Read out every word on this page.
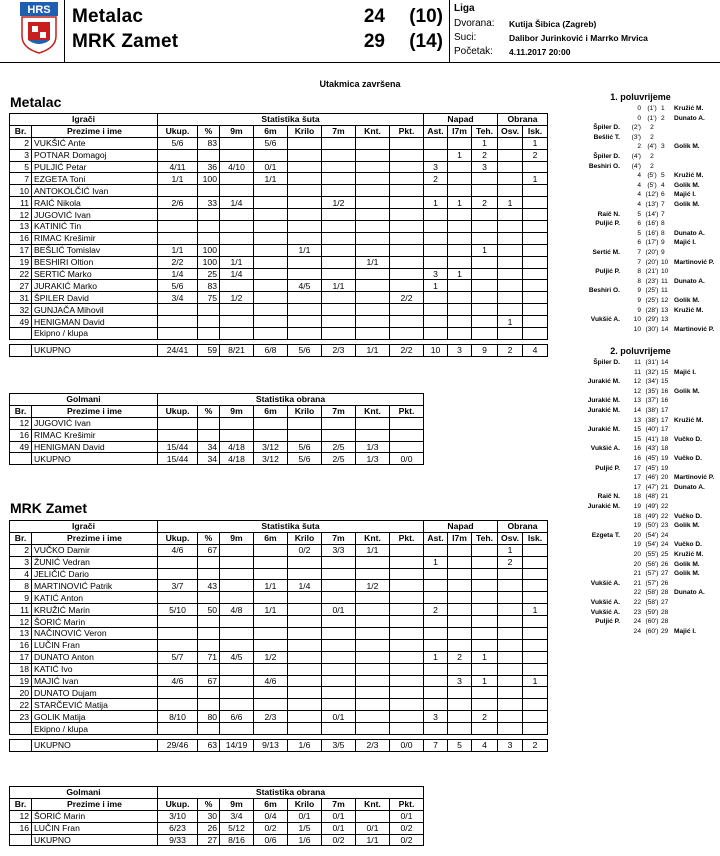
HRS Metalac
MRK Zamet
24	(10)
29	(14)
Liga
Dvorana: Kutija Šibica (Zagreb)
Suci:	Dalibor Jurinković i Marrko Mrvica
Početak: 4.11.2017 20:00
Utakmica završena
Metalac
Igrači		Statistika šuta								Napad			Obrana	
Br.	Prezime i ime	Ukup.	%	9m	6m	Krilo	7m	Knt.	Pkt.	Ast.	I7m	Teh.	Osv.	Isk.
2	VUKŠIĆ Ante	5/6	83		5/6							1		1
3	POTNAR Domagoj										1	2		2
5	PULJIĆ Petar	4/11	36	4/10	0/1					3		3		
7	EZGETA Toni	1/1	100		1/1					2				1
10	ANTOKOLČIĆ Ivan													
11	RAIĆ Nikola	2/6	33	1/4			1/2			1	1	2	1	
12	JUGOVIĆ Ivan													
13	KATINIĆ Tin													
16	RIMAC Krešimir													
17	BEŠLIĆ Tomislav	1/1	100			1/1						1		
19	BESHIRI Oltion	2/2	100	1/1				1/1						
22	SERTIĆ Marko	1/4	25	1/4						3	1			
27	JURAKIĆ Marko	5/6	83			4/5	1/1			1				
31	ŠPILER David	3/4	75	1/2					2/2					
32	GUNJAČA Mihovil													
49	HENIGMAN David												1	
	Ekipno / klupa													

	UKUPNO	24/41	59	8/21	6/8	5/6	2/3	1/1	2/2	10	3	9	2	4
Golmani		Statistika obrana							
Br.	Prezime i ime	Ukup.	%	9m	6m	Krilo	7m	Knt.	Pkt.
12	JUGOVIĆ Ivan								
16	RIMAC Krešimir								
49	HENIGMAN David	15/44	34	4/18	3/12	5/6	2/5	1/3	
	UKUPNO	15/44	34	4/18	3/12	5/6	2/5	1/3	0/0
MRK Zamet
Igrači		Statistika šuta								Napad			Obrana	
Br.	Prezime i ime	Ukup.	%	9m	6m	Krilo	7m	Knt.	Pkt.	Ast.	I7m	Teh.	Osv.	Isk.
2	VUČKO Damir	4/6	67			0/2	3/3	1/1					1	
3	ŽUNIĆ Vedran									1			2	
4	JELIČIĆ Dario													
8	MARTINOVIĆ Patrik	3/7	43		1/1	1/4		1/2						
9	KATIĆ Anton													
11	KRUŽIĆ Marin	5/10	50	4/8	1/1		0/1			2				1
12	ŠORIĆ Marin													
13	NAČINOVIĆ Veron													
16	LUČIN Fran													
17	DUNATO Anton	5/7	71	4/5	1/2					1	2	1		
18	KATIĆ Ivo													
19	MAJIĆ Ivan	4/6	67		4/6						3	1		1
20	DUNATO Dujam													
22	STARČEVIĆ Matija													
23	GOLIK Matija	8/10	80	6/6	2/3		0/1			3		2		
	Ekipno / klupa													

	UKUPNO	29/46	63	14/19	9/13	1/6	3/5	2/3	0/0	7	5	4	3	2
Golmani		Statistika obrana							
Br.	Prezime i ime	Ukup.	%	9m	6m	Krilo	7m	Knt.	Pkt.
12	ŠORIĆ Marin	3/10	30	3/4	0/4	0/1	0/1		0/1
16	LUČIN Fran	6/23	26	5/12	0/2	1/5	0/1	0/1	0/2
	UKUPNO	9/33	27	8/16	0/6	1/6	0/2	1/1	0/2
1. poluvrijeme
2. poluvrijeme
0 (1') 1	Kružić M.
0 (1') 2	Dunato A.
Špiler D.	(2')	2
Bešlić T.	(3')	2
2 (4') 3	Golik M.
Špiler D.	(4')	2
Beshiri O.	(4')	2
4 (5') 5	Kružić M.
4 (5') 4	Golik M.
4 (12') 6	Majić I.
4 (13') 7	Golik M.
Raič N.	5 (14') 7
Puljić P.	6 (16') 8
5 (16') 8	Dunato A.
6 (17') 9	Majić I.
Sertić M.	7 (20') 9
7 (20') 10 Martinović P.
Puljić P.	8 (21') 10
8 (23') 11 Dunato A.
Beshiri O.	9 (25') 11
9 (25') 12 Golik M.
9 (28') 13 Kružić M.
Vukšić A.	10 (29') 13
10 (30') 14 Martinović P.
Špiler D.	11 (31') 14
11 (32') 15 Majić I.
Jurakić M.	12 (34') 15
12 (35') 16 Golik M.
Jurakić M.	13 (37') 16
Jurakić M.	14 (38') 17
13 (38') 17 Kružić M.
Jurakić M.	15 (40') 17
15 (41') 18 Vučko D.
Vukšić A.	16 (43') 18
16 (45') 19 Vučko D.
Puljić P.	17 (45') 19
17 (46') 20 Martinović P.
17 (47') 21 Dunato A.
Raič N.	18 (48') 21
Jurakić M.	19 (49') 22
18 (49') 22 Vučko D.
19 (50') 23 Golik M.
Ezgeta T.	20 (54') 24
19 (54') 24 Vučko D.
20 (55') 25 Kružić M.
20 (56') 26 Golik M.
21 (57') 27 Golik M.
Vukšić A.	21 (57') 26
22 (58') 28 Dunato A.
Vukšić A.	22 (58') 27
Vukšić A.	23 (59') 28
Puljić P.	24 (60') 28
24 (60') 29 Majić I.
